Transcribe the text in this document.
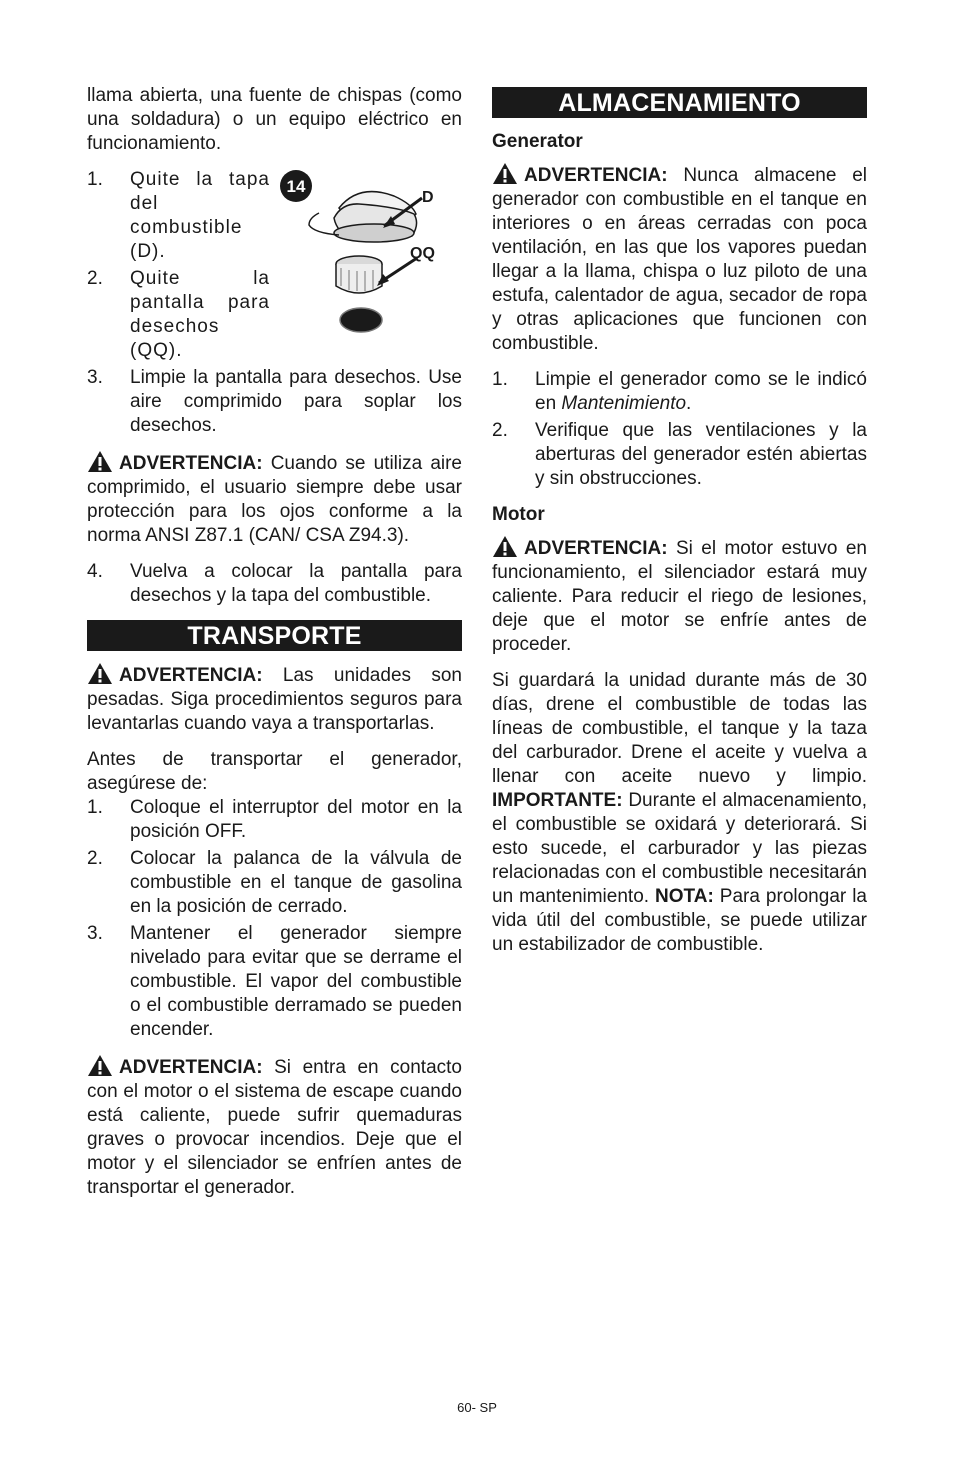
llama abierta, una fuente de chispas (como una soldadura) o un equipo eléctrico en funcionamiento.

1.	Quite la tapa del combustible (D).
2.	Quite la pantalla para desechos (QQ).
14
D
QQ
3.	Limpie la pantalla para desechos. Use aire comprimido para soplar los desechos.

ADVERTENCIA: Cuando se utiliza aire comprimido, el usuario siempre debe usar protección para los ojos conforme a la norma ANSI Z87.1 (CAN/ CSA Z94.3).

4.	Vuelva a colocar la pantalla para desechos y la tapa del combustible.
TRANSPORTE

ADVERTENCIA: Las unidades son pesadas. Siga procedimientos seguros para levantarlas cuando vaya a transportarlas.

Antes de transportar el generador, asegúrese de:

1.	Coloque el interruptor del motor en la posición OFF.
2.	Colocar la palanca de la válvula de combustible en el tanque de gasolina en la posición de cerrado.
3.	Mantener el generador siempre nivelado para evitar que se derrame el combustible. El vapor del combustible o el combustible derramado se pueden encender.

ADVERTENCIA: Si entra en contacto con el motor o el sistema de escape cuando está caliente, puede sufrir quemaduras graves o provocar incendios. Deje que el motor y el silenciador se enfríen antes de transportar el generador.

ALMACENAMIENTO
Generator

ADVERTENCIA: Nunca almacene el generador con combustible en el tanque en interiores o en áreas cerradas con poca ventilación, en las que los vapores puedan llegar a la llama, chispa o luz piloto de una estufa, calentador de agua, secador de ropa y otras aplicaciones que funcionen con combustible.

1.	Limpie el generador como se le indicó en Mantenimiento.
2.	Verifique que las ventilaciones y la aberturas del generador estén abiertas y sin obstrucciones.
Motor

ADVERTENCIA: Si el motor estuvo en funcionamiento, el silenciador estará muy caliente. Para reducir el riego de lesiones, deje que el motor se enfríe antes de proceder.

Si guardará la unidad durante más de 30 días, drene el combustible de todas las líneas de combustible, el tanque y la taza del carburador. Drene el aceite y vuelva a llenar con aceite nuevo y limpio. IMPORTANTE: Durante el almacenamiento, el combustible se oxidará y deteriorará. Si esto sucede, el carburador y las piezas relacionadas con el combustible necesitarán un mantenimiento. NOTA: Para prolongar la vida útil del combustible, se puede utilizar un estabilizador de combustible.

60- SP
